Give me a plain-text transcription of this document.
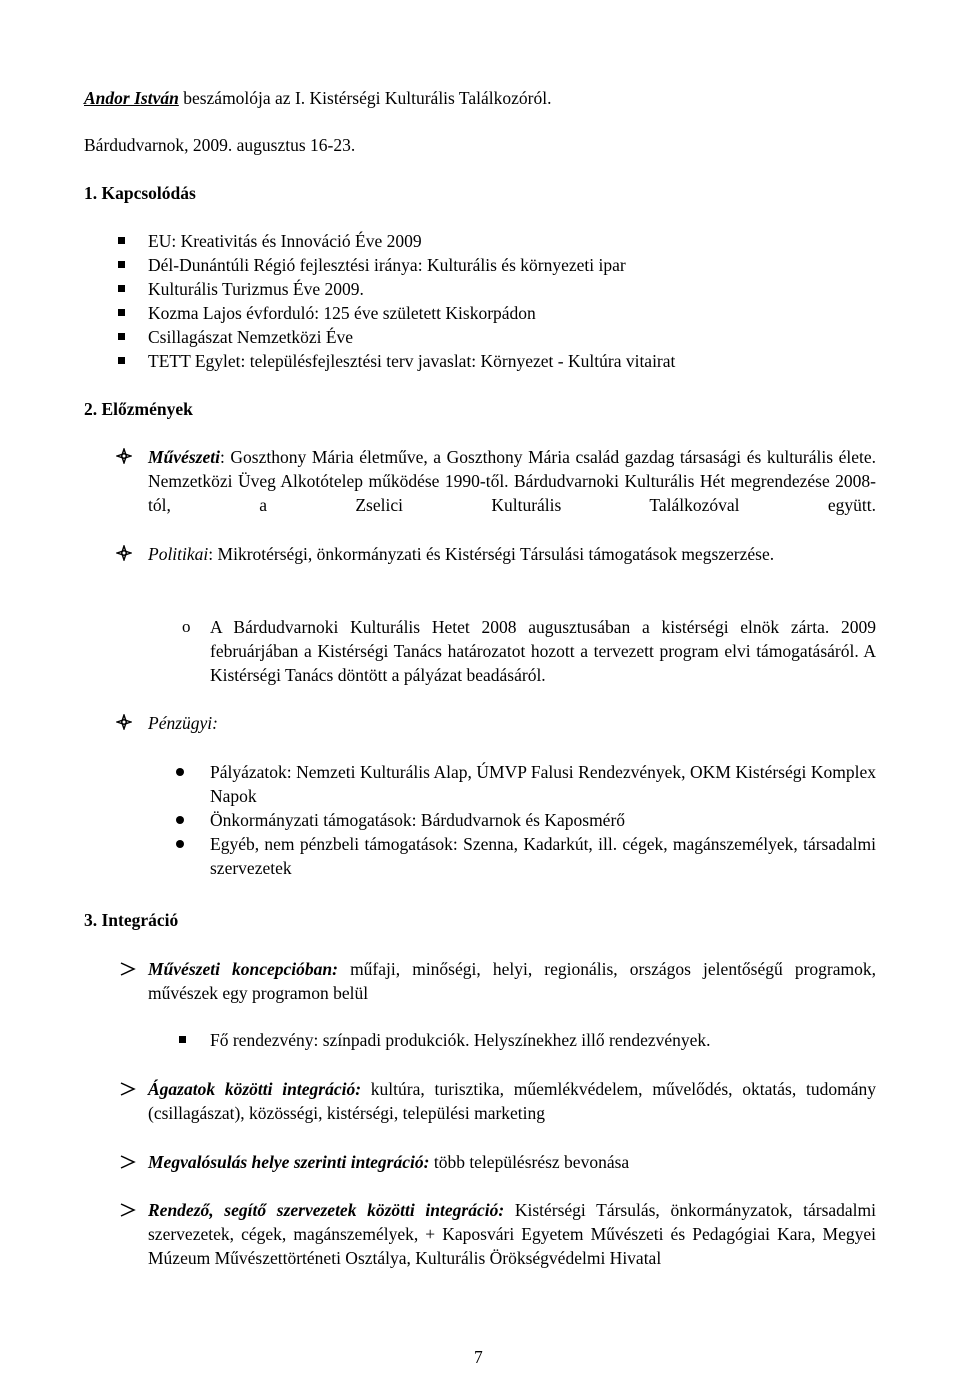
Andor István beszámolója az I. Kistérségi Kulturális Találkozóról.

Bárdudvarnok, 2009. augusztus 16-23.

1. Kapcsolódás

EU: Kreativitás és Innováció Éve 2009

Dél-Dunántúli Régió fejlesztési iránya: Kulturális és környezeti ipar

Kulturális Turizmus Éve 2009.

Kozma Lajos évforduló: 125 éve született Kiskorpádon

Csillagászat Nemzetközi Éve

TETT Egylet: településfejlesztési terv javaslat: Környezet - Kultúra vitairat

2. Előzmények

Művészeti: Goszthony Mária életműve, a Goszthony Mária család gazdag társasági és kulturális élete. Nemzetközi Üveg Alkotótelep működése 1990-től. Bárdudvarnoki Kulturális Hét megrendezése 2008-tól, a Zselici Kulturális Találkozóval együtt.

Politikai: Mikrotérségi, önkormányzati és Kistérségi Társulási támogatások megszerzése.

o A Bárdudvarnoki Kulturális Hetet 2008 augusztusában a kistérségi elnök zárta. 2009 februárjában a Kistérségi Tanács határozatot hozott a tervezett program elvi támogatásáról. A Kistérségi Tanács döntött a pályázat beadásáról.

Pénzügyi:

Pályázatok: Nemzeti Kulturális Alap, ÚMVP Falusi Rendezvények, OKM Kistérségi Komplex Napok

Önkormányzati támogatások: Bárdudvarnok és Kaposmérő

Egyéb, nem pénzbeli támogatások: Szenna, Kadarkút, ill. cégek, magánszemélyek, társadalmi szervezetek

3. Integráció

Művészeti koncepcióban: műfaji, minőségi, helyi, regionális, országos jelentőségű programok, művészek egy programon belül

Fő rendezvény: színpadi produkciók. Helyszínekhez illő rendezvények.

Ágazatok közötti integráció: kultúra, turisztika, műemlékvédelem, művelődés, oktatás, tudomány (csillagászat), közösségi, kistérségi, települési marketing

Megvalósulás helye szerinti integráció: több településrész bevonása

Rendező, segítő szervezetek közötti integráció: Kistérségi Társulás, önkormányzatok, társadalmi szervezetek, cégek, magánszemélyek, + Kaposvári Egyetem Művészeti és Pedagógiai Kara, Megyei Múzeum Művészettörténeti Osztálya, Kulturális Örökségvédelmi Hivatal

7
